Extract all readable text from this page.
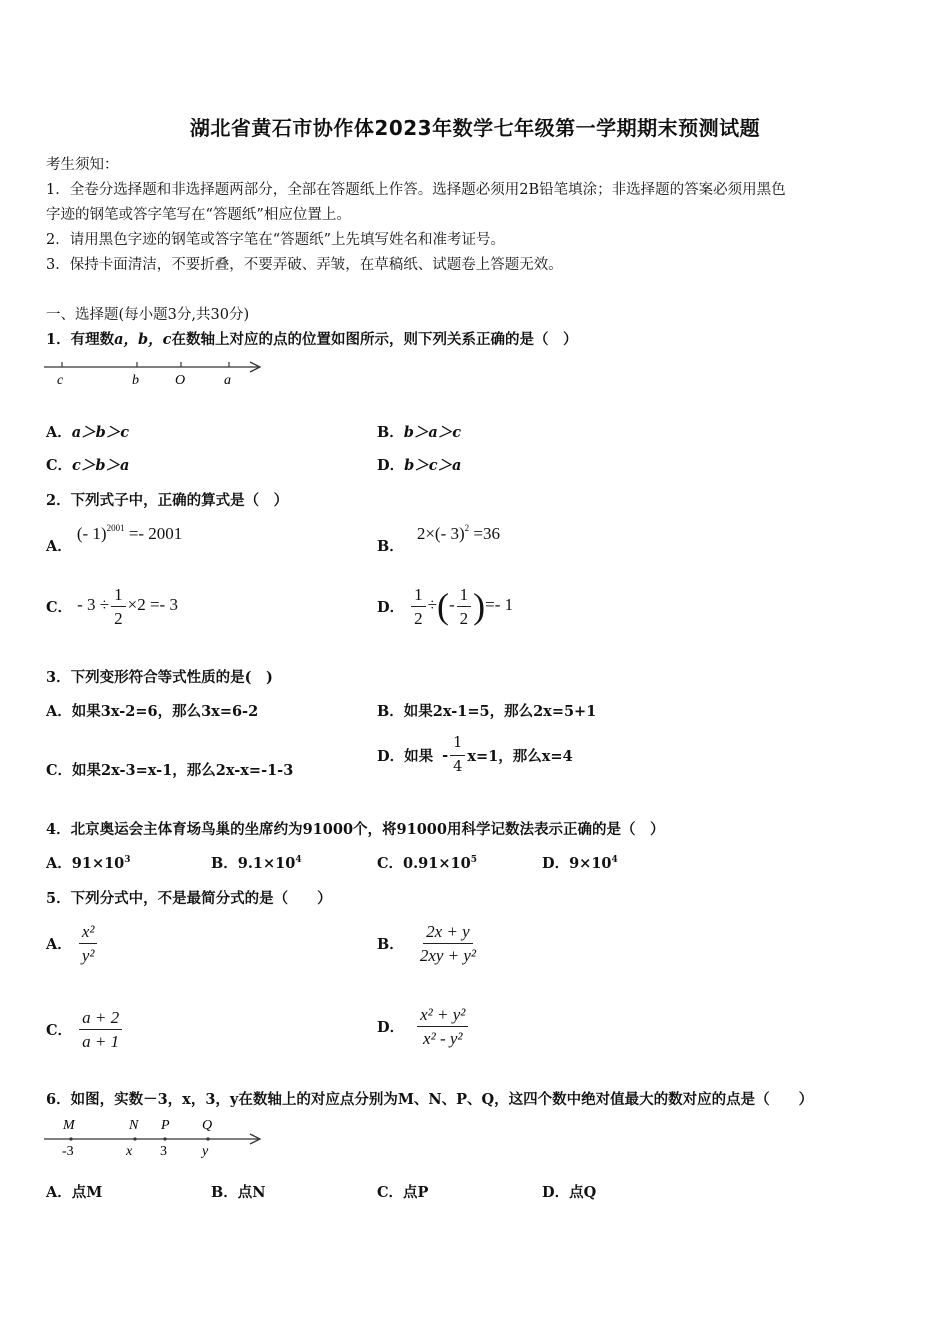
湖北省黄石市协作体2023年数学七年级第一学期期末预测试题
考生须知：
1．全卷分选择题和非选择题两部分，全部在答题纸上作答。选择题必须用2B铅笔填涂；非选择题的答案必须用黑色
字迹的钢笔或答字笔写在“答题纸”相应位置上。
2．请用黑色字迹的钢笔或答字笔在“答题纸”上先填写姓名和准考证号。
3．保持卡面清洁，不要折叠，不要弄破、弄皱，在草稿纸、试题卷上答题无效。
一、选择题(每小题3分,共30分)
1．有理数a，b，c在数轴上对应的点的位置如图所示，则下列关系正确的是（　）
c	b	O	a
A．a＞b＞c	B．b＞a＞c
C．c＞b＞a	D．b＞c＞a
2．下列式子中，正确的算式是（　）
A． (- 1)$^{2001}$ =- 2001
B． 2×(- 3)$^2$ =36
C． - $3 \div \frac{1}{2} \times 2 =- 3$	D． $\frac{1}{2}$ ÷(- $\frac{1}{2}$ )=- 1
3．下列变形符合等式性质的是(　)
A．如果3x-2=6，那么3x=6-2	B．如果2x-1=5，那么2x=5+1
C．如果2x-3=x-1，那么2x-x=-1-3
D．如果 - $\frac{1}{4} x=1$，那么x=4
4．北京奥运会主体育场鸟巢的坐席约为91000个，将91000用科学记数法表示正确的是（　）
A．$91\times 10^3$	B．$9.1\times 10^4$	C．$0.91\times 10^5$	D．$9\times 10^4$
5．下列分式中，不是最简分式的是（　　）
A． $\frac{\text{x²}}{\text{y²}}$	B． $\frac{2x + y}{\text{2xy + y²}}$
C． $\frac{a + 2}{a + 1}$	D． $\frac{\text{x² + y²}}{\text{x² - y²}}$
6．如图，实数－3，x，3，y在数轴上的对应点分别为M、N、P、Q，这四个数中绝对值最大的数对应的点是（　　）
M	N P Q
-3	x 3	y
A．点M	B．点N	C．点P	D．点Q
